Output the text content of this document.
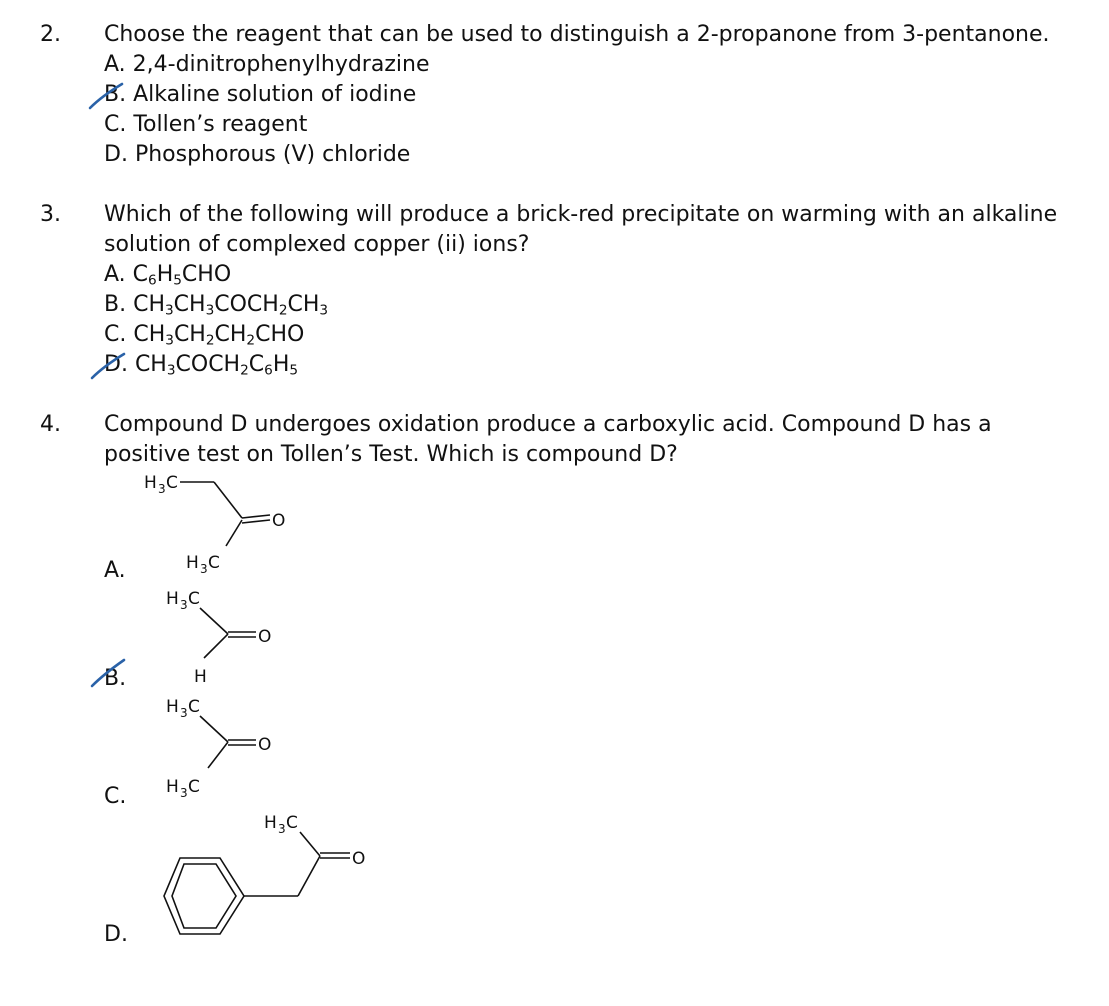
2. Choose the reagent that can be used to distinguish a 2-propanone from 3-pentanone.
A. 2,4-dinitrophenylhydrazine
B. Alkaline solution of iodine
C. Tollen’s reagent
D. Phosphorous (V) chloride
3. Which of the following will produce a brick-red precipitate on warming with an alkaline
solution of complexed copper (ii) ions?
A. $C_6H_5CHO$
B. $CH_3CH_3COCH_2CH_3$
C. $CH_3CH_2CH_2CHO$
D. $CH_3COCH_2C_6H_5$
4. Compound D undergoes oxidation produce a carboxylic acid. Compound D has a
positive test on Tollen’s Test. Which is compound D?
A.
B.
C.
D.
H 3 C
O
H 3 C
H 3 C
O
H
H 3 C
O
H 3 C
H 3 C
O
